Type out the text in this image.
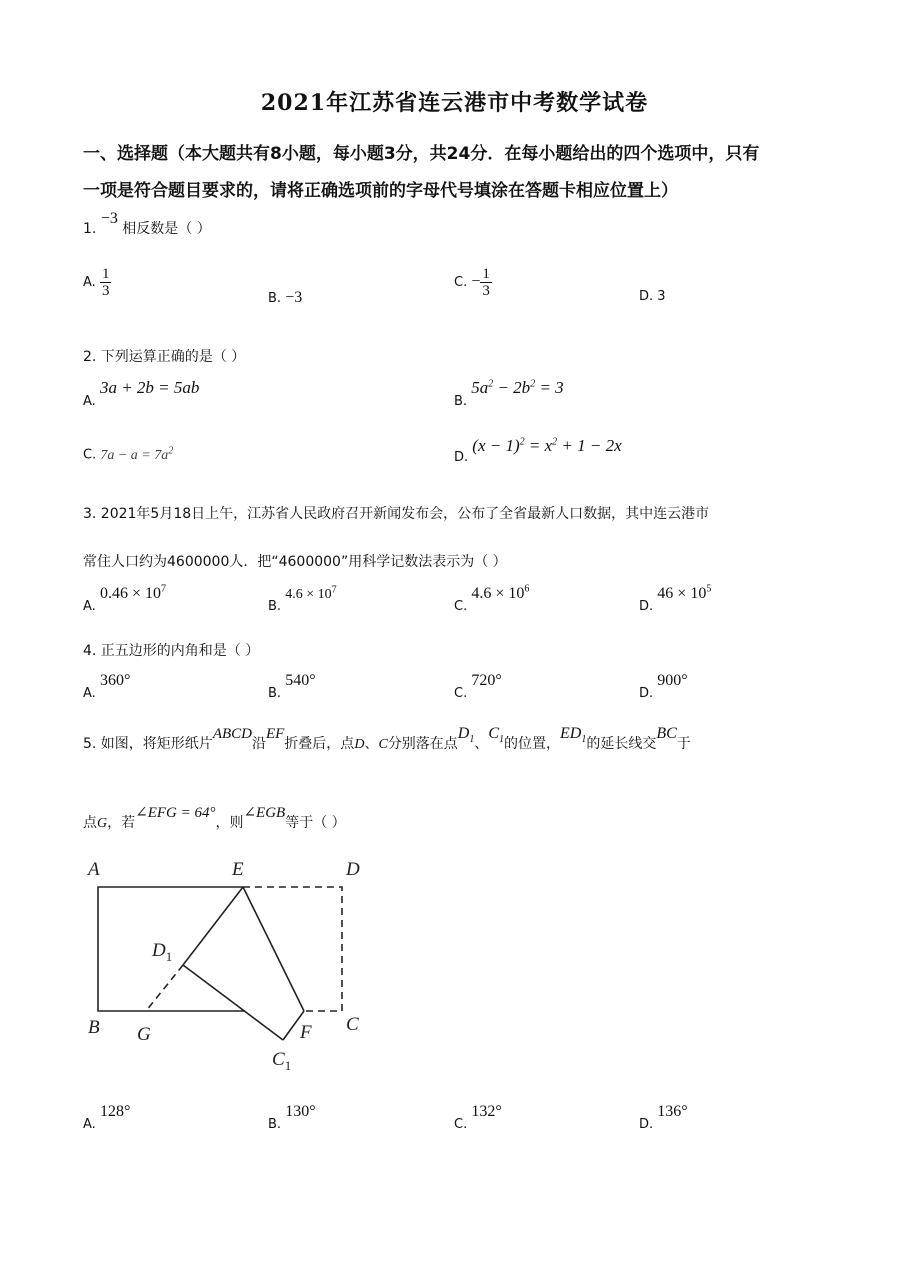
2021年江苏省连云港市中考数学试卷
一、选择题（本大题共有8小题，每小题3分，共24分．在每小题给出的四个选项中，只有
一项是符合题目要求的，请将正确选项前的字母代号填涂在答题卡相应位置上）
1. −3 相反数是（ ）
A. $\frac{1}{3}$	B. −3
C. − $\frac{1}{3}$	D. 3
2. 下列运算正确的是（ ）
A. 3a + 2b = 5ab
B. $5a^2 - 2b^2 = 3$
C. $7a - a = 7a^2$	D. $(x - 1)^2 = x^2 + 1 - 2x$
3. 2021年5月18日上午，江苏省人民政府召开新闻发布会，公布了全省最新人口数据，其中连云港市
常住人口约为4600000人．把“4600000”用科学记数法表示为（ ）
A. $0.46 \times 10^7$
B. $4.6 \times 10^7$
C. $4.6 \times 10^6$
D. $46 \times 10^5$
4. 正五边形的内角和是（ ）
A. 360°
B. 540°
C. 720°
D. 900°
5. 如图，将矩形纸片ABCD沿EF折叠后，点D、C分别落在点$D_1$、$C_1$的位置，$ED_1$的延长线交BC于
点G，若∠EFG = 64°，则∠EGB等于（ ）
A	E	D
$D_1$
B G	F C
$C_1$
A. 128°
B. 130°
C. 132°
D. 136°
